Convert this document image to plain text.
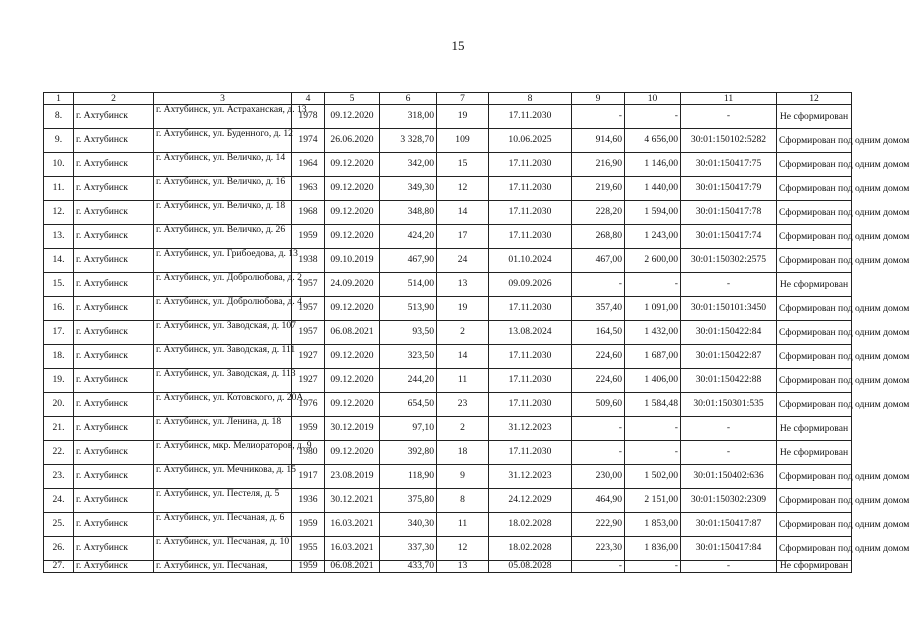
15
1	2	3	4	5	6	7	8	9	10	11	12
8.	г. Ахтубинск	г. Ахтубинск, ул. Астраханская, д. 13	1978	09.12.2020	318,00	19	17.11.2030	-	-	-	Не сформирован
9.	г. Ахтубинск	г. Ахтубинск, ул. Буденного, д. 12	1974	26.06.2020	3 328,70	109	10.06.2025	914,60	4 656,00	30:01:150102:5282	Сформирован под одним домом
10.	г. Ахтубинск	г. Ахтубинск, ул. Величко, д. 14	1964	09.12.2020	342,00	15	17.11.2030	216,90	1 146,00	30:01:150417:75	Сформирован под одним домом
11.	г. Ахтубинск	г. Ахтубинск, ул. Величко, д. 16	1963	09.12.2020	349,30	12	17.11.2030	219,60	1 440,00	30:01:150417:79	Сформирован под одним домом
12.	г. Ахтубинск	г. Ахтубинск, ул. Величко, д. 18	1968	09.12.2020	348,80	14	17.11.2030	228,20	1 594,00	30:01:150417:78	Сформирован под одним домом
13.	г. Ахтубинск	г. Ахтубинск, ул. Величко, д. 26	1959	09.12.2020	424,20	17	17.11.2030	268,80	1 243,00	30:01:150417:74	Сформирован под одним домом
14.	г. Ахтубинск	г. Ахтубинск, ул. Грибоедова, д. 13	1938	09.10.2019	467,90	24	01.10.2024	467,00	2 600,00	30:01:150302:2575	Сформирован под одним домом
15.	г. Ахтубинск	г. Ахтубинск, ул. Добролюбова, д. 2	1957	24.09.2020	514,00	13	09.09.2026	-	-	-	Не сформирован
16.	г. Ахтубинск	г. Ахтубинск, ул. Добролюбова, д. 4	1957	09.12.2020	513,90	19	17.11.2030	357,40	1 091,00	30:01:150101:3450	Сформирован под одним домом
17.	г. Ахтубинск	г. Ахтубинск, ул. Заводская, д. 107	1957	06.08.2021	93,50	2	13.08.2024	164,50	1 432,00	30:01:150422:84	Сформирован под одним домом
18.	г. Ахтубинск	г. Ахтубинск, ул. Заводская, д. 111	1927	09.12.2020	323,50	14	17.11.2030	224,60	1 687,00	30:01:150422:87	Сформирован под одним домом
19.	г. Ахтубинск	г. Ахтубинск, ул. Заводская, д. 113	1927	09.12.2020	244,20	11	17.11.2030	224,60	1 406,00	30:01:150422:88	Сформирован под одним домом
20.	г. Ахтубинск	г. Ахтубинск, ул. Котовского, д. 20А	1976	09.12.2020	654,50	23	17.11.2030	509,60	1 584,48	30:01:150301:535	Сформирован под одним домом
21.	г. Ахтубинск	г. Ахтубинск, ул. Ленина, д. 18	1959	30.12.2019	97,10	2	31.12.2023	-	-	-	Не сформирован
22.	г. Ахтубинск	г. Ахтубинск, мкр. Мелиораторов, д. 9	1980	09.12.2020	392,80	18	17.11.2030	-	-	-	Не сформирован
23.	г. Ахтубинск	г. Ахтубинск, ул. Мечникова, д. 15	1917	23.08.2019	118,90	9	31.12.2023	230,00	1 502,00	30:01:150402:636	Сформирован под одним домом
24.	г. Ахтубинск	г. Ахтубинск, ул. Пестеля, д. 5	1936	30.12.2021	375,80	8	24.12.2029	464,90	2 151,00	30:01:150302:2309	Сформирован под одним домом
25.	г. Ахтубинск	г. Ахтубинск, ул. Песчаная, д. 6	1959	16.03.2021	340,30	11	18.02.2028	222,90	1 853,00	30:01:150417:87	Сформирован под одним домом
26.	г. Ахтубинск	г. Ахтубинск, ул. Песчаная, д. 10	1955	16.03.2021	337,30	12	18.02.2028	223,30	1 836,00	30:01:150417:84	Сформирован под одним домом
27.	г. Ахтубинск	г. Ахтубинск, ул. Песчаная,	1959	06.08.2021	433,70	13	05.08.2028	-	-	-	Не сформирован
